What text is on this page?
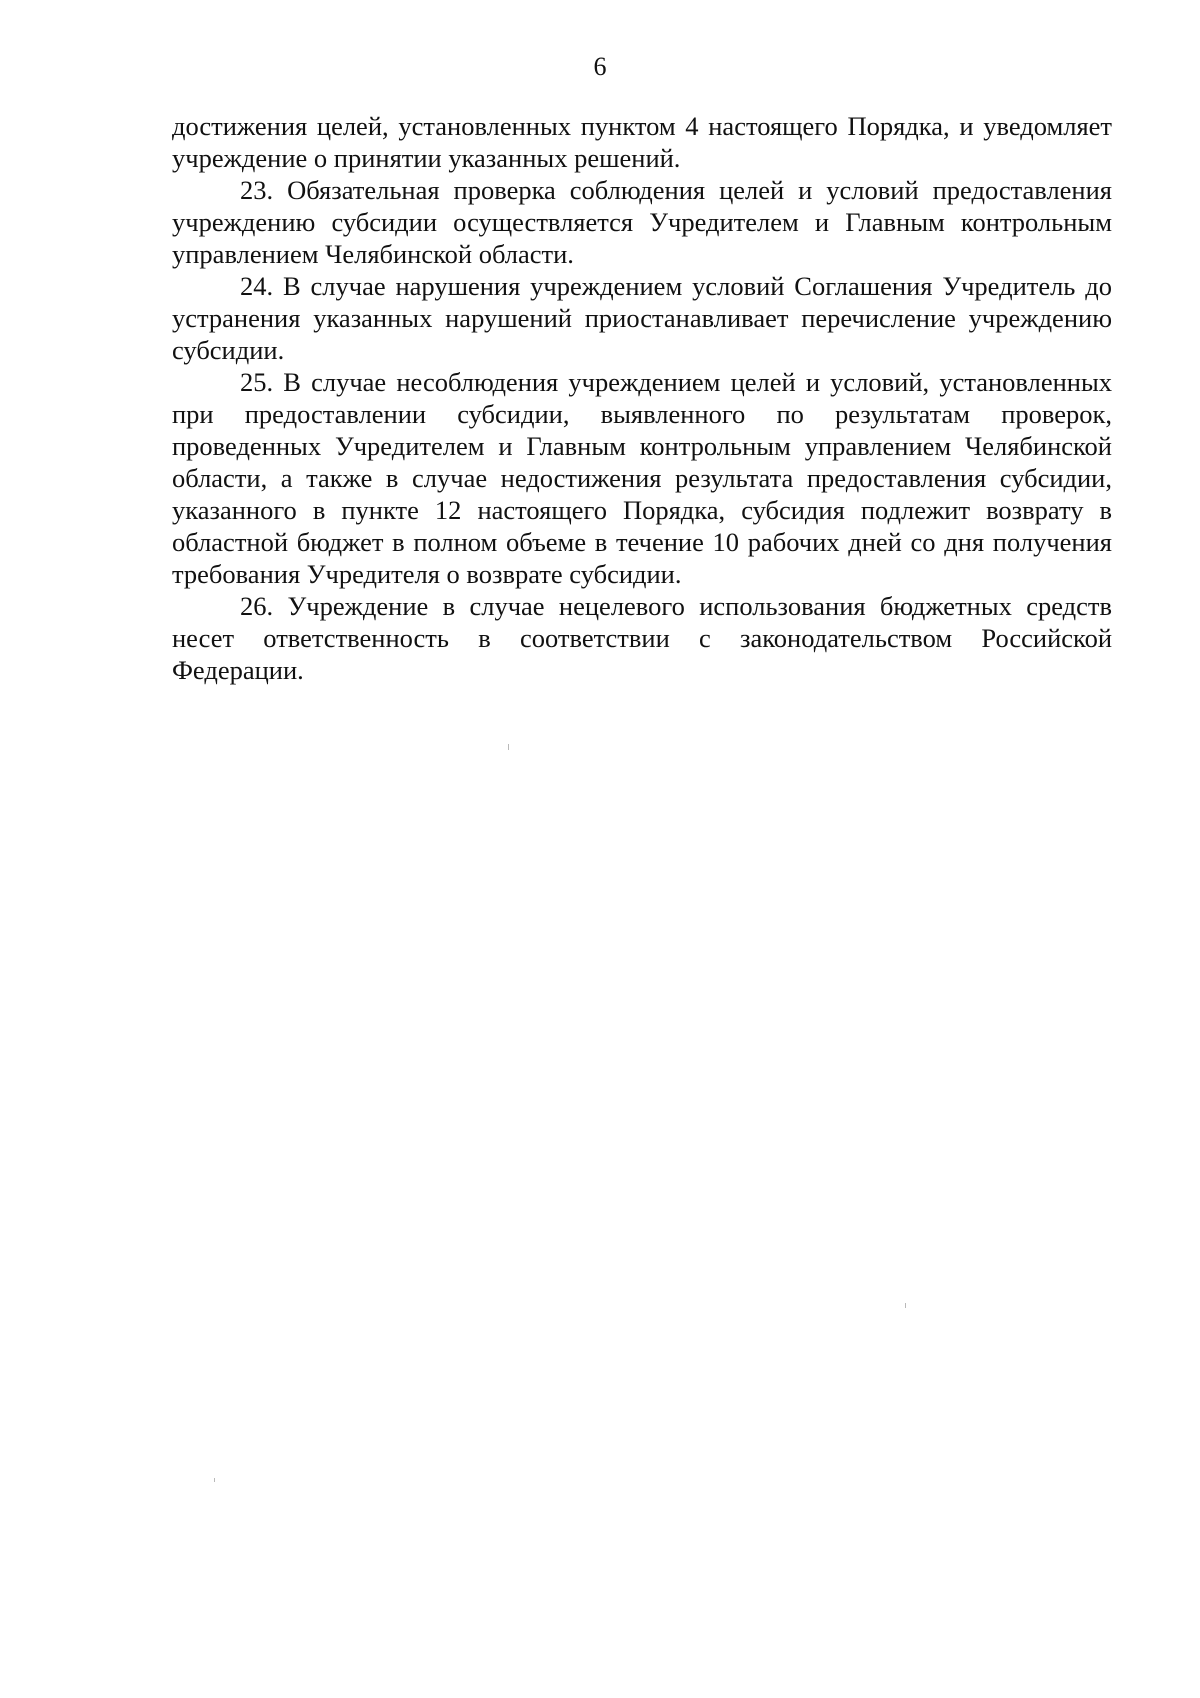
6

достижения целей, установленных пунктом 4 настоящего Порядка, и уведомляет учреждение о принятии указанных решений.

23. Обязательная проверка соблюдения целей и условий предоставления учреждению субсидии осуществляется Учредителем и Главным контрольным управлением Челябинской области.

24. В случае нарушения учреждением условий Соглашения Учредитель до устранения указанных нарушений приостанавливает перечисление учреждению субсидии.

25. В случае несоблюдения учреждением целей и условий, установленных при предоставлении субсидии, выявленного по результатам проверок, проведенных Учредителем и Главным контрольным управлением Челябинской области, а также в случае недостижения результата предоставления субсидии, указанного в пункте 12 настоящего Порядка, субсидия подлежит возврату в областной бюджет в полном объеме в течение 10 рабочих дней со дня получения требования Учредителя о возврате субсидии.

26. Учреждение в случае нецелевого использования бюджетных средств несет ответственность в соответствии с законодательством Российской Федерации.
